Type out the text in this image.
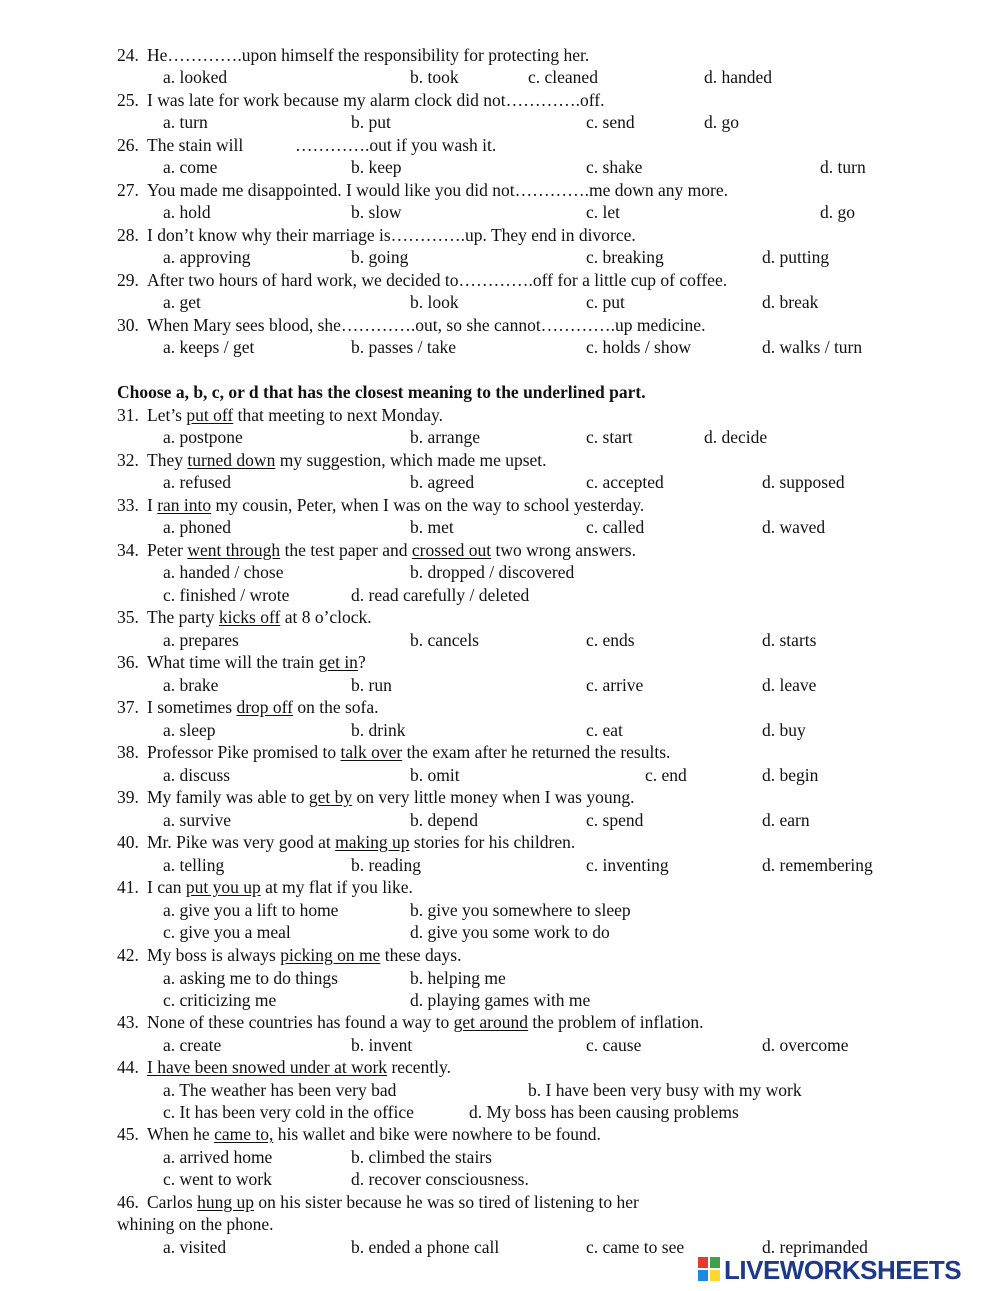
Choose a, b, c, or d that has the closest meaning to the underlined part.
24. He………….upon himself the responsibility for protecting her.
a. looked	b. took	c. cleaned	d. handed
25. I was late for work because my alarm clock did not………….off.
a. turn	b. put	c. send	d. go
26. The stain will	………….out if you wash it.
a. come	b. keep	c. shake	d. turn
27. You made me disappointed. I would like you did not………….me down any more.
a. hold	b. slow	c. let	d. go
28. I don’t know why their marriage is………….up. They end in divorce.
a. approving	b. going	c. breaking	d. putting
29. After two hours of hard work, we decided to………….off for a little cup of coffee.
a. get	b. look	c. put	d. break
30. When Mary sees blood, she………….out, so she cannot………….up medicine.
a. keeps / get	b. passes / take	c. holds / show	d. walks / turn
31. Let’s put off that meeting to next Monday.
a. postpone	b. arrange	c. start	d. decide
32. They turned down my suggestion, which made me upset.
a. refused	b. agreed	c. accepted	d. supposed
33. I ran into my cousin, Peter, when I was on the way to school yesterday.
a. phoned	b. met	c. called	d. waved
34. Peter went through the test paper and crossed out two wrong answers.
a. handed / chose	b. dropped / discovered
c. finished / wrote	d. read carefully / deleted
35. The party kicks off at 8 o’clock.
a. prepares	b. cancels	c. ends	d. starts
36. What time will the train get in?
a. brake	b. run	c. arrive	d. leave
37. I sometimes drop off on the sofa.
a. sleep	b. drink	c. eat	d. buy
38. Professor Pike promised to talk over the exam after he returned the results.
a. discuss	b. omit	c. end	d. begin
39. My family was able to get by on very little money when I was young.
a. survive	b. depend	c. spend	d. earn
40. Mr. Pike was very good at making up stories for his children.
a. telling	b. reading	c. inventing	d. remembering
41. I can put you up at my flat if you like.
a. give you a lift to home	b. give you somewhere to sleep
c. give you a meal	d. give you some work to do
42. My boss is always picking on me these days.
a. asking me to do things	b. helping me
c. criticizing me	d. playing games with me
43. None of these countries has found a way to get around the problem of inflation.
a. create	b. invent	c. cause	d. overcome
44. I have been snowed under at work recently.
a. The weather has been very bad	b. I have been very busy with my work
c. It has been very cold in the office	d. My boss has been causing problems
45. When he came to, his wallet and bike were nowhere to be found.
a. arrived home	b. climbed the stairs
c. went to work	d. recover consciousness.
46. Carlos hung up on his sister because he was so tired of listening to her
whining on the phone.
a. visited	b. ended a phone call	c. came to see	d. reprimanded
LIVEWORKSHEETS
